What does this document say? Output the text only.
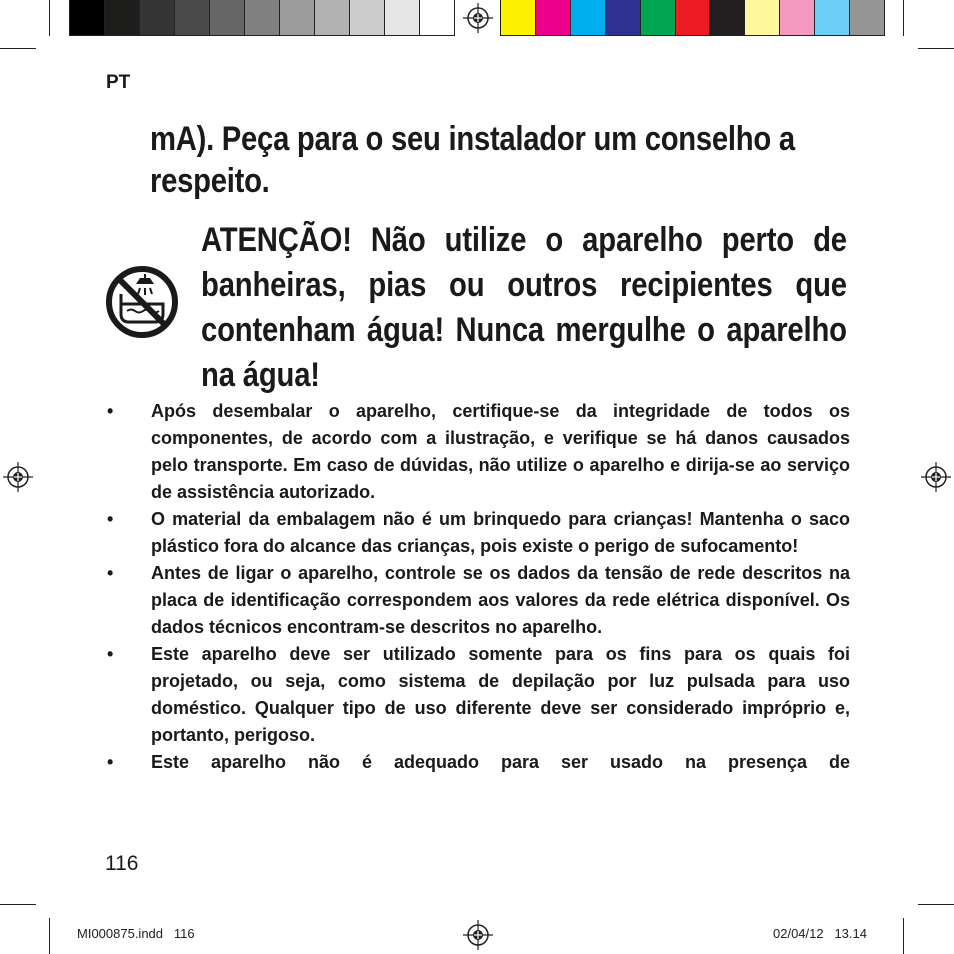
PT
mA). Peça para o seu instalador um conselho a respeito.
ATENÇÃO! Não utilize o aparelho perto de banheiras, pias ou outros recipientes que contenham água! Nunca mergulhe o aparelho na água!
• Após desembalar o aparelho, certifique-se da integridade de todos os componentes, de acordo com a ilustração, e verifique se há danos causados pelo transporte. Em caso de dúvidas, não utilize o aparelho e dirija-se ao serviço de assistência autorizado.
• O material da embalagem não é um brinquedo para crianças! Mantenha o saco plástico fora do alcance das crianças, pois existe o perigo de sufocamento!
• Antes de ligar o aparelho, controle se os dados da tensão de rede descritos na placa de identificação correspondem aos valores da rede elétrica disponível. Os dados técnicos encontram-se descritos no aparelho.
• Este aparelho deve ser utilizado somente para os fins para os quais foi projetado, ou seja, como sistema de depilação por luz pulsada para uso doméstico. Qualquer tipo de uso diferente deve ser considerado impróprio e, portanto, perigoso.
• Este aparelho não é adequado para ser usado na presença de
116
MI000875.indd   116	02/04/12   13.14
